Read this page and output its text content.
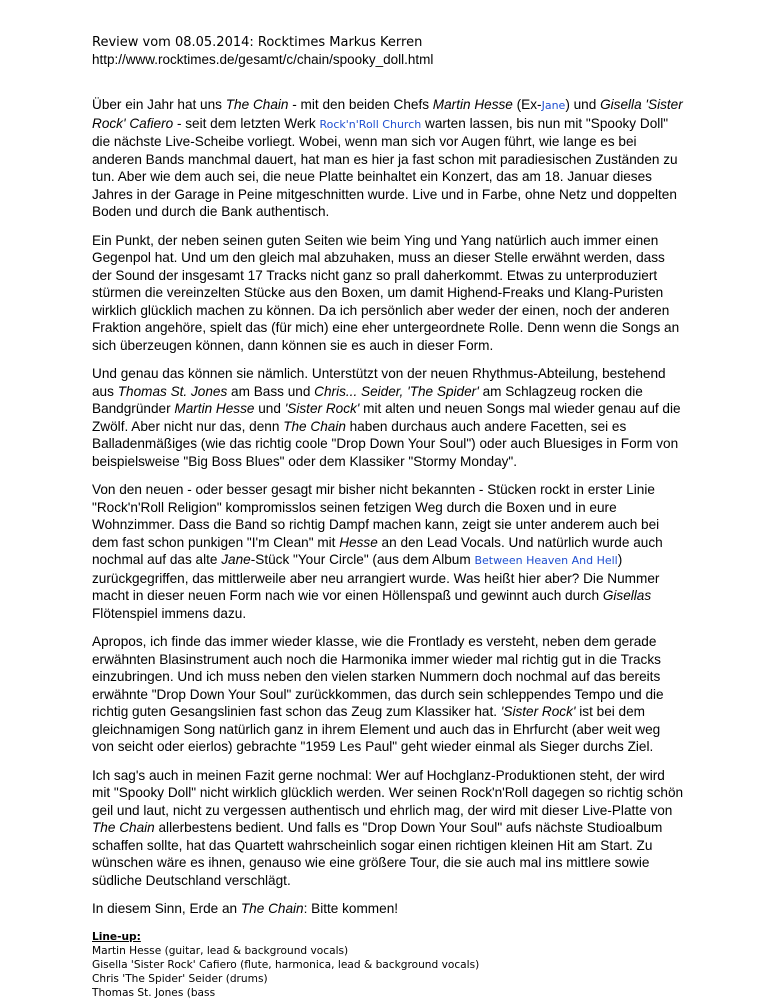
Review vom 08.05.2014: Rocktimes Markus Kerren
http://www.rocktimes.de/gesamt/c/chain/spooky_doll.html

Über ein Jahr hat uns The Chain - mit den beiden Chefs Martin Hesse (Ex-Jane) und Gisella 'Sister Rock' Cafiero - seit dem letzten Werk Rock'n'Roll Church warten lassen, bis nun mit "Spooky Doll" die nächste Live-Scheibe vorliegt. Wobei, wenn man sich vor Augen führt, wie lange es bei anderen Bands manchmal dauert, hat man es hier ja fast schon mit paradiesischen Zuständen zu tun. Aber wie dem auch sei, die neue Platte beinhaltet ein Konzert, das am 18. Januar dieses Jahres in der Garage in Peine mitgeschnitten wurde. Live und in Farbe, ohne Netz und doppelten Boden und durch die Bank authentisch.

Ein Punkt, der neben seinen guten Seiten wie beim Ying und Yang natürlich auch immer einen Gegenpol hat. Und um den gleich mal abzuhaken, muss an dieser Stelle erwähnt werden, dass der Sound der insgesamt 17 Tracks nicht ganz so prall daherkommt. Etwas zu unterproduziert stürmen die vereinzelten Stücke aus den Boxen, um damit Highend-Freaks und Klang-Puristen wirklich glücklich machen zu können. Da ich persönlich aber weder der einen, noch der anderen Fraktion angehöre, spielt das (für mich) eine eher untergeordnete Rolle. Denn wenn die Songs an sich überzeugen können, dann können sie es auch in dieser Form.

Und genau das können sie nämlich. Unterstützt von der neuen Rhythmus-Abteilung, bestehend aus Thomas St. Jones am Bass und Chris... Seider, 'The Spider' am Schlagzeug rocken die Bandgründer Martin Hesse und 'Sister Rock' mit alten und neuen Songs mal wieder genau auf die Zwölf. Aber nicht nur das, denn The Chain haben durchaus auch andere Facetten, sei es Balladenmäßiges (wie das richtig coole "Drop Down Your Soul") oder auch Bluesiges in Form von beispielsweise "Big Boss Blues" oder dem Klassiker "Stormy Monday".

Von den neuen - oder besser gesagt mir bisher nicht bekannten - Stücken rockt in erster Linie "Rock'n'Roll Religion" kompromisslos seinen fetzigen Weg durch die Boxen und in eure Wohnzimmer. Dass die Band so richtig Dampf machen kann, zeigt sie unter anderem auch bei dem fast schon punkigen "I'm Clean" mit Hesse an den Lead Vocals. Und natürlich wurde auch nochmal auf das alte Jane-Stück "Your Circle" (aus dem Album Between Heaven And Hell) zurückgegriffen, das mittlerweile aber neu arrangiert wurde. Was heißt hier aber? Die Nummer macht in dieser neuen Form nach wie vor einen Höllenspaß und gewinnt auch durch Gisellas Flötenspiel immens dazu.

Apropos, ich finde das immer wieder klasse, wie die Frontlady es versteht, neben dem gerade erwähnten Blasinstrument auch noch die Harmonika immer wieder mal richtig gut in die Tracks einzubringen. Und ich muss neben den vielen starken Nummern doch nochmal auf das bereits erwähnte "Drop Down Your Soul" zurückkommen, das durch sein schleppendes Tempo und die richtig guten Gesangslinien fast schon das Zeug zum Klassiker hat. 'Sister Rock' ist bei dem gleichnamigen Song natürlich ganz in ihrem Element und auch das in Ehrfurcht (aber weit weg von seicht oder eierlos) gebrachte "1959 Les Paul" geht wieder einmal als Sieger durchs Ziel.

Ich sag's auch in meinen Fazit gerne nochmal: Wer auf Hochglanz-Produktionen steht, der wird mit "Spooky Doll" nicht wirklich glücklich werden. Wer seinen Rock'n'Roll dagegen so richtig schön geil und laut, nicht zu vergessen authentisch und ehrlich mag, der wird mit dieser Live-Platte von The Chain allerbestens bedient. Und falls es "Drop Down Your Soul" aufs nächste Studioalbum schaffen sollte, hat das Quartett wahrscheinlich sogar einen richtigen kleinen Hit am Start. Zu wünschen wäre es ihnen, genauso wie eine größere Tour, die sie auch mal ins mittlere sowie südliche Deutschland verschlägt.

In diesem Sinn, Erde an The Chain: Bitte kommen!

Line-up:
Martin Hesse (guitar, lead & background vocals)
Gisella 'Sister Rock' Cafiero (flute, harmonica, lead & background vocals)
Chris 'The Spider' Seider (drums)
Thomas St. Jones (bass
